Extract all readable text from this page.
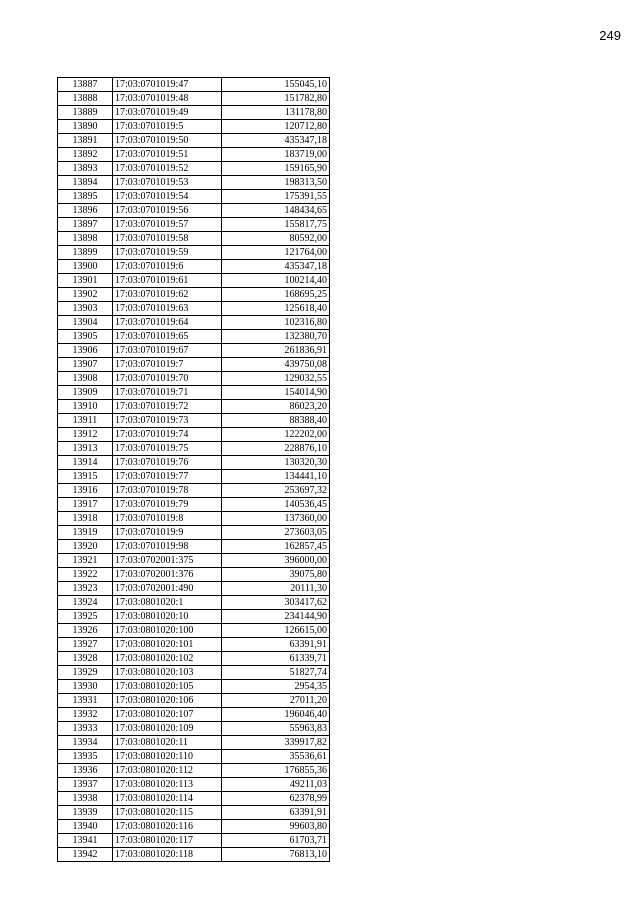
249
13887	17:03:0701019:47	155045,10
13888	17:03:0701019:48	151782,80
13889	17:03:0701019:49	131178,80
13890	17:03:0701019:5	120712,80
13891	17:03:0701019:50	435347,18
13892	17:03:0701019:51	183719,00
13893	17:03:0701019:52	159165,90
13894	17:03:0701019:53	198313,50
13895	17:03:0701019:54	175391,55
13896	17:03:0701019:56	148434,65
13897	17:03:0701019:57	155817,75
13898	17:03:0701019:58	80592,00
13899	17:03:0701019:59	121764,00
13900	17:03:0701019:6	435347,18
13901	17:03:0701019:61	100214,40
13902	17:03:0701019:62	168695,25
13903	17:03:0701019:63	125618,40
13904	17:03:0701019:64	102316,80
13905	17:03:0701019:65	132380,70
13906	17:03:0701019:67	261836,91
13907	17:03:0701019:7	439750,08
13908	17:03:0701019:70	129032,55
13909	17:03:0701019:71	154014,90
13910	17:03:0701019:72	86023,20
13911	17:03:0701019:73	88388,40
13912	17:03:0701019:74	122202,00
13913	17:03:0701019:75	228876,10
13914	17:03:0701019:76	130320,30
13915	17:03:0701019:77	134441,10
13916	17:03:0701019:78	253697,32
13917	17:03:0701019:79	140536,45
13918	17:03:0701019:8	137360,00
13919	17:03:0701019:9	273603,05
13920	17:03:0701019:98	162857,45
13921	17:03:0702001:375	396000,00
13922	17:03:0702001:376	39075,80
13923	17:03:0702001:490	20111,30
13924	17:03:0801020:1	303417,62
13925	17:03:0801020:10	234144,90
13926	17:03:0801020:100	126615,00
13927	17:03:0801020:101	63391,91
13928	17:03:0801020:102	61339,71
13929	17:03:0801020:103	51827,74
13930	17:03:0801020:105	2954,35
13931	17:03:0801020:106	27011,20
13932	17:03:0801020:107	196046,40
13933	17:03:0801020:109	55963,83
13934	17:03:0801020:11	339917,82
13935	17:03:0801020:110	35536,61
13936	17:03:0801020:112	176855,36
13937	17:03:0801020:113	49211,03
13938	17:03:0801020:114	62378,99
13939	17:03:0801020:115	63391,91
13940	17:03:0801020:116	99603,80
13941	17:03:0801020:117	61703,71
13942	17:03:0801020:118	76813,10
